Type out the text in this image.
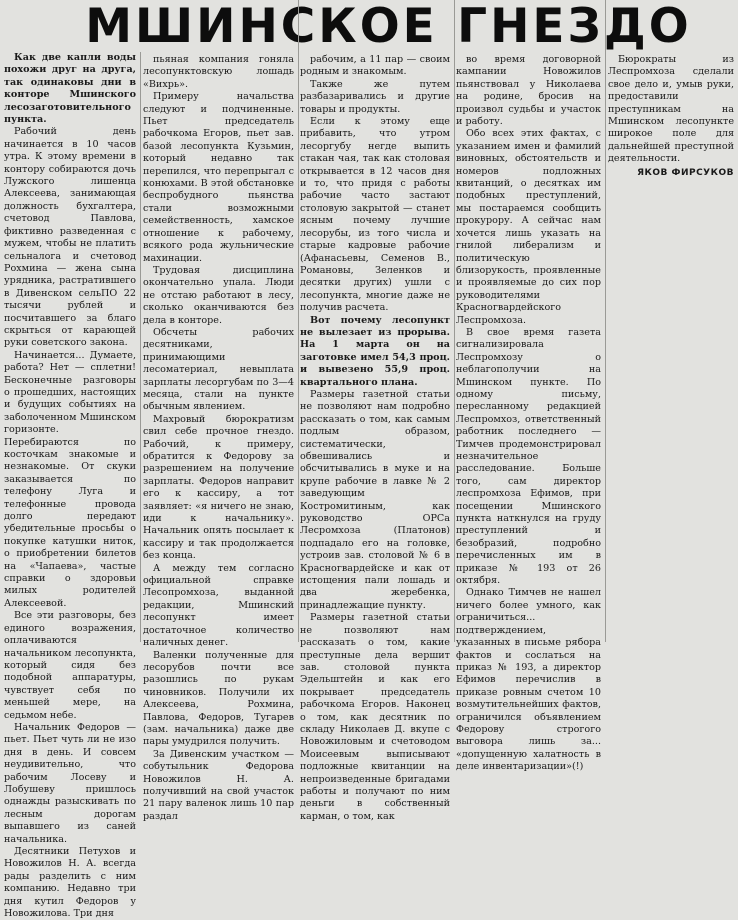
МШИНСКОЕ ГНЕЗДО

Как две капли воды похожи друг на друга, так одинаковы дни в конторе Мшинского лесозаготовительного пункта.

Рабочий день начинается в 10 часов утра. К этому времени в контору собираются дочь Лужского лишенца Алексеева, занимающая должность бухгалтера, счетовод Павлова, фиктивно разведенная с мужем, чтобы не платить сельналога и счетовод Рохмина — жена сына урядника, растратившего в Дивенском сельПО 22 тысячи рублей и посчитавшего за благо скрыться от карающей руки советского закона.

Начинается... Думаете, работа? Нет — сплетни! Бесконечные разговоры о прошедших, настоящих и будущих событиях на заболоченном Мшинском горизонте. Перебираются по косточкам знакомые и незнакомые. От скуки заказывается по телефону Луга и телефонные провода долго передают убедительные просьбы о покупке катушки ниток, о приобретении билетов на «Чапаева», частые справки о здоровьи милых родителей Алексеевой.

Все эти разговоры, без единого возражения, оплачиваются начальником лесопункта, который сидя без подобной аппаратуры, чувствует себя по меньшей мере, на седьмом небе.

Начальник Федоров — пьет. Пьет чуть ли не изо дня в день. И совсем неудивительно, что рабочим Лосеву и Лобушеву пришлось однажды разыскивать по лесным дорогам выпавшего из саней начальника.

Десятники Петухов и Новожилов Н. А. всегда рады разделить с ним компанию. Недавно три дня кутил Федоров у Новожилова. Три дня

пьяная компания гоняла лесопунктовскую лошадь «Вихрь».

Примеру начальства следуют и подчиненные. Пьет председатель рабочкома Егоров, пьет зав. базой лесопункта Кузьмин, который недавно так перепился, что перепрыгал с конюхами. В этой обстановке беспробудного пьянства стали возможными семейственность, хамское отношение к рабочему, всякого рода жульнические махинации.

Трудовая дисциплина окончательно упала. Люди не отстаю работают в лесу, сколько оканчиваются без дела в конторе.

Обсчеты рабочих десятниками, принимающими лесоматериал, невыплата зарплаты лесоргубам по 3—4 месяца, стали на пункте обычным явлением.

Махровый бюрократизм свил себе прочное гнездо. Рабочий, к примеру, обратится к Федорову за разрешением на получение зарплаты. Федоров направит его к кассиру, а тот заявляет: «я ничего не знаю, иди к начальнику». Начальник опять посылает к кассиру и так продолжается без конца.

А между тем согласно официальной справке Лесопромхоза, выданной редакции, Мшинский лесопункт имеет достаточное количество наличных денег.

Валенки полученные для лесорубов почти все разошлись по рукам чиновников. Получили их Алексеева, Рохмина, Павлова, Федоров, Тугарев (зам. начальника) даже две пары умудрился получить.

За Дивенским участком — собутыльник Федорова Новожилов Н. А. получивший на свой участок 21 пару валенок лишь 10 пар раздал

рабочим, а 11 пар — своим родным и знакомым.

Также же путем разбазаривались и другие товары и продукты.

Если к этому еще прибавить, что утром лесоргубу негде выпить стакан чая, так как столовая открывается в 12 часов дня и то, что придя с работы рабочие часто застают столовую закрытой — станет ясным почему лучшие лесорубы, из того числа и старые кадровые рабочие (Афанасьевы, Семенов В., Романовы, Зеленков и десятки других) ушли с лесопункта, многие даже не получив расчета.

Вот почему лесопункт не вылезает из прорыва. На 1 марта он на заготовке имел 54,3 проц. и вывезено 55,9 проц. квартального плана.

Размеры газетной статьи не позволяют нам подробно рассказать о том, как самым подлым образом, систематически, обвешивались и обсчитывались в муке и на крупе рабочие в лавке № 2 заведующим Костромитиным, как руководство ОРСа Лесромхоза (Платонов) подпадало его на головке, устроив зав. столовой № 6 в Красногвардейске и как от истощения пали лошадь и два жеребенка, принадлежащие пункту.

Размеры газетной статьи не позволяют нам рассказать о том, какие преступные дела вершит зав. столовой пункта Эдельштейн и как его покрывает председатель рабочкома Егоров. Наконец о том, как десятник по складу Николаев Д. вкупе с Новожиловым и счетоводом Моисеевым выписывают подложные квитанции на непроизведенные бригадами работы и получают по ним деньги в собственный карман, о том, как

во время договорной кампании Новожилов пьянствовал у Николаева на родине, бросив на произвол судьбы и участок и работу.

Обо всех этих фактах, с указанием имен и фамилий виновных, обстоятельств и номеров подложных квитанций, о десятках им подобных преступлений, мы постараемся сообщить прокурору. А сейчас нам хочется лишь указать на гнилой либерализм и политическую близорукость, проявленные и проявляемые до сих пор руководителями Красногвардейского Леспромхоза.

В свое время газета сигнализировала Леспромхозу о неблагополучии на Мшинском пункте. По одному письму, пересланному редакцией Леспромхоз, ответственный работник последнего — Тимчев продемонстрировал незначительное расследование. Больше того, сам директор леспромхоза Ефимов, при посещении Мшинского пункта наткнулся на груду преступлений и безобразий, подробно перечисленных им в приказе № 193 от 26 октября.

Однако Тимчев не нашел ничего более умного, как ограничиться... подтверждением, указанных в письме рябора фактов и сослаться на приказ № 193, а директор Ефимов перечислив в приказе ровным счетом 10 возмутительнейших фактов, ограничился объявлением Федорову строгого выговора лишь за... «допущенную халатность в деле инвентаризации»(!)

Бюрократы из Леспромхоза сделали свое дело и, умыв руки, предоставили преступникам на Мшинском лесопункте широкое поле для дальнейшей преступной деятельности.

ЯКОВ ФИРСУКОВ
